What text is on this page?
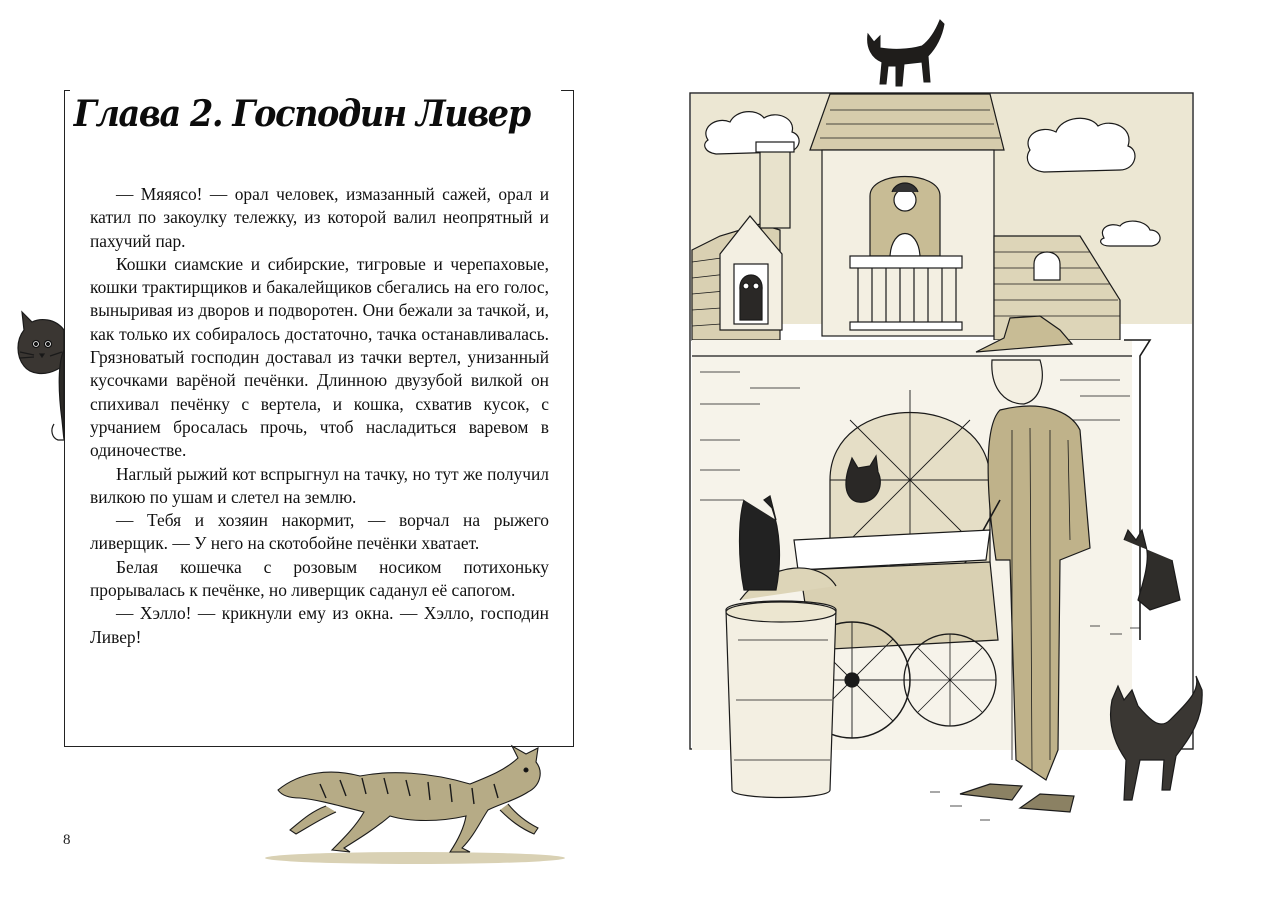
Глава 2. Господин Ливер

— Мяяясо! — орал человек, измазанный сажей, орал и катил по закоулку тележку, из которой валил неопрятный и пахучий пар.

Кошки сиамские и сибирские, тигровые и черепаховые, кошки трактирщиков и бакалейщиков сбегались на его голос, выныривая из дворов и подворотен. Они бежали за тачкой, и, как только их собиралось достаточно, тачка останавливалась. Грязноватый господин доставал из тачки вертел, унизанный кусочками варёной печёнки. Длинною двузубой вилкой он спихивал печёнку с вертела, и кошка, схватив кусок, с урчанием бросалась прочь, чтоб насладиться варевом в одиночестве.

Наглый рыжий кот вспрыгнул на тачку, но тут же получил вилкою по ушам и слетел на землю.

— Тебя и хозяин накормит, — ворчал на рыжего ливерщик. — У него на скотобойне печёнки хватает.

Белая кошечка с розовым носиком потихоньку прорывалась к печёнке, но ливерщик саданул её сапогом.

— Хэлло! — крикнули ему из окна. — Хэлло, господин Ливер!

8
